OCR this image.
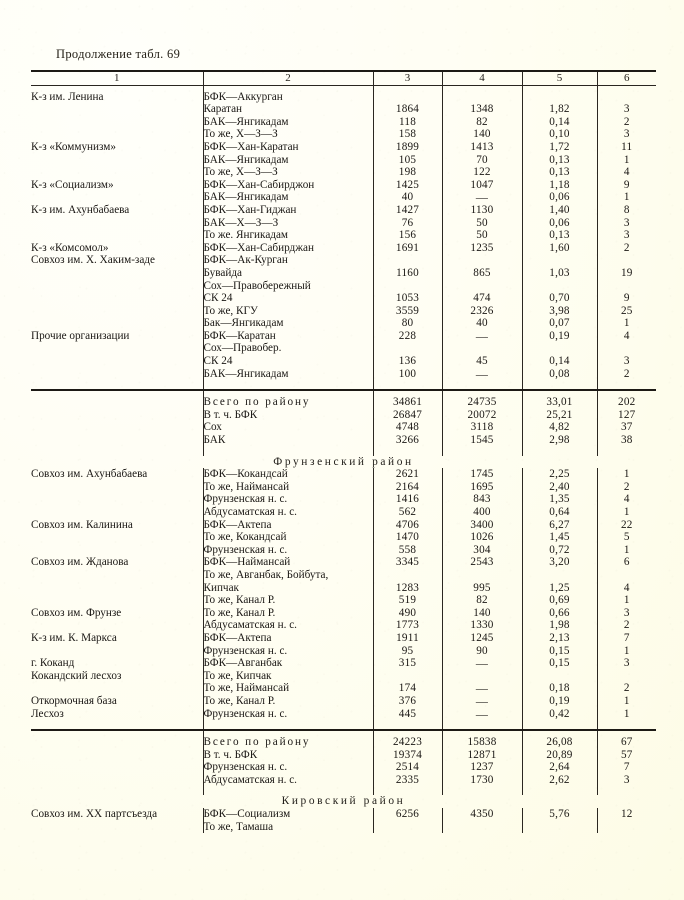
Продолжение табл. 69

1	2	3	4	5	6

К-з им. Ленина	БФК—Аккурган				
	Каратан	1864	1348	1,82	3
	БАК—Янгикадам	118	82	0,14	2
	То же, Х—З—З	158	140	0,10	3
К-з «Коммунизм»	БФК—Хан-Каратан	1899	1413	1,72	11
	БАК—Янгикадам	105	70	0,13	1
	То же, Х—З—З	198	122	0,13	4
К-з «Социализм»	БФК—Хан-Сабирджон	1425	1047	1,18	9
	БАК—Янгикадам	40	—	0,06	1
К-з им. Ахунбабаева	БФК—Хан-Гиджан	1427	1130	1,40	8
	БАК—Х—З—З	76	50	0,06	3
	То же. Янгикадам	156	50	0,13	3
К-з «Комсомол»	БФК—Хан-Сабирджан	1691	1235	1,60	2
Совхоз им. Х. Хаким-заде	БФК—Ак-Курган				
	Бувайда	1160	865	1,03	19
	Сох—Правобережный				
	СК 24	1053	474	0,70	9
	То же, КГУ	3559	2326	3,98	25
	Бак—Янгикадам	80	40	0,07	1
Прочие организации	БФК—Каратан	228	—	0,19	4
	Сох—Правобер.				
	СК 24	136	45	0,14	3
	БАК—Янгикадам	100	—	0,08	2

	Всего по району	34861	24735	33,01	202
	В т. ч. БФК	26847	20072	25,21	127
	Сох	4748	3118	4,82	37
	БАК	3266	1545	2,98	38

Фрунзенский район					
Совхоз им. Ахунбабаева	БФК—Кокандсай	2621	1745	2,25	1
	То же, Наймансай	2164	1695	2,40	2
	Фрунзенская н. с.	1416	843	1,35	4
	Абдусаматская н. с.	562	400	0,64	1
Совхоз им. Калинина	БФК—Актепа	4706	3400	6,27	22
	То же, Кокандсай	1470	1026	1,45	5
	Фрунзенская н. с.	558	304	0,72	1
Совхоз им. Жданова	БФК—Наймансай	3345	2543	3,20	6
	То же, Авганбак, Бойбута,				
	Кипчак	1283	995	1,25	4
	То же, Канал Р.	519	82	0,69	1
Совхоз им. Фрунзе	То же, Канал Р.	490	140	0,66	3
	Абдусаматская н. с.	1773	1330	1,98	2
К-з им. К. Маркса	БФК—Актепа	1911	1245	2,13	7
	Фрунзенская н. с.	95	90	0,15	1
г. Коканд	БФК—Авганбак	315	—	0,15	3
Кокандский лесхоз	То же, Кипчак				
	То же, Наймансай	174	—	0,18	2
Откормочная база	То же, Канал Р.	376	—	0,19	1
Лесхоз	Фрунзенская н. с.	445	—	0,42	1

	Всего по району	24223	15838	26,08	67
	В т. ч. БФК	19374	12871	20,89	57
	Фрунзенская н. с.	2514	1237	2,64	7
	Абдусаматская н. с.	2335	1730	2,62	3

Кировский район					
Совхоз им. XX партсъезда	БФК—Социализм	6256	4350	5,76	12
	То же, Тамаша				
